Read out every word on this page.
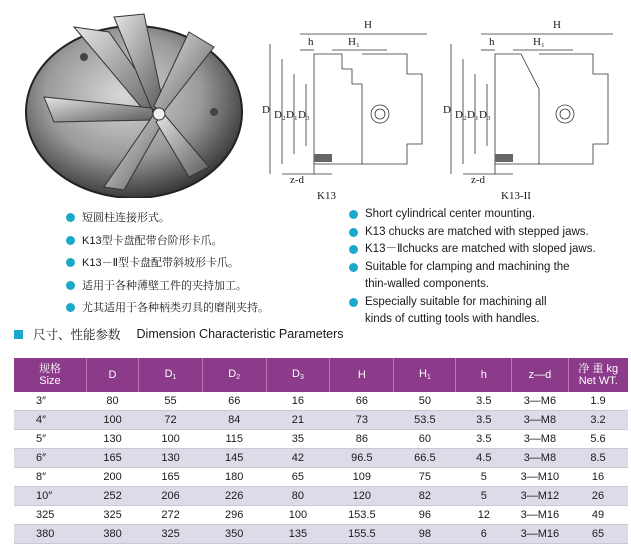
H
H₁
h
D D₂ D₁ D₃
z-d
K13
H
H₁
h
D D₂ D₁ D₃
z-d
K13-II
短圆柱连接形式。
K13型卡盘配带台阶形卡爪。
K13－Ⅱ型卡盘配带斜坡形卡爪。
适用于各种薄壁工件的夹持加工。
尤其适用于各种柄类刃具的磨削夹持。
Short cylindrical center mounting.
K13 chucks are matched with stepped jaws.
K13－Ⅱchucks are matched with sloped jaws.
Suitable for clamping and machining the
thin-walled components.
Especially suitable for machining all
kinds of cutting tools with handles.
尺寸、性能参数 Dimension Characteristic Parameters
规格
Size	D	D1	D2	D3	H	H1	h	z—d	净 重 kg
Net WT.
3″	80	55	66	16	66	50	3.5	3—M6	1.9
4″	100	72	84	21	73	53.5	3.5	3—M8	3.2
5″	130	100	115	35	86	60	3.5	3—M8	5.6
6″	165	130	145	42	96.5	66.5	4.5	3—M8	8.5
8″	200	165	180	65	109	75	5	3—M10	16
10″	252	206	226	80	120	82	5	3—M12	26
325	325	272	296	100	153.5	96	12	3—M16	49
380	380	325	350	135	155.5	98	6	3—M16	65
